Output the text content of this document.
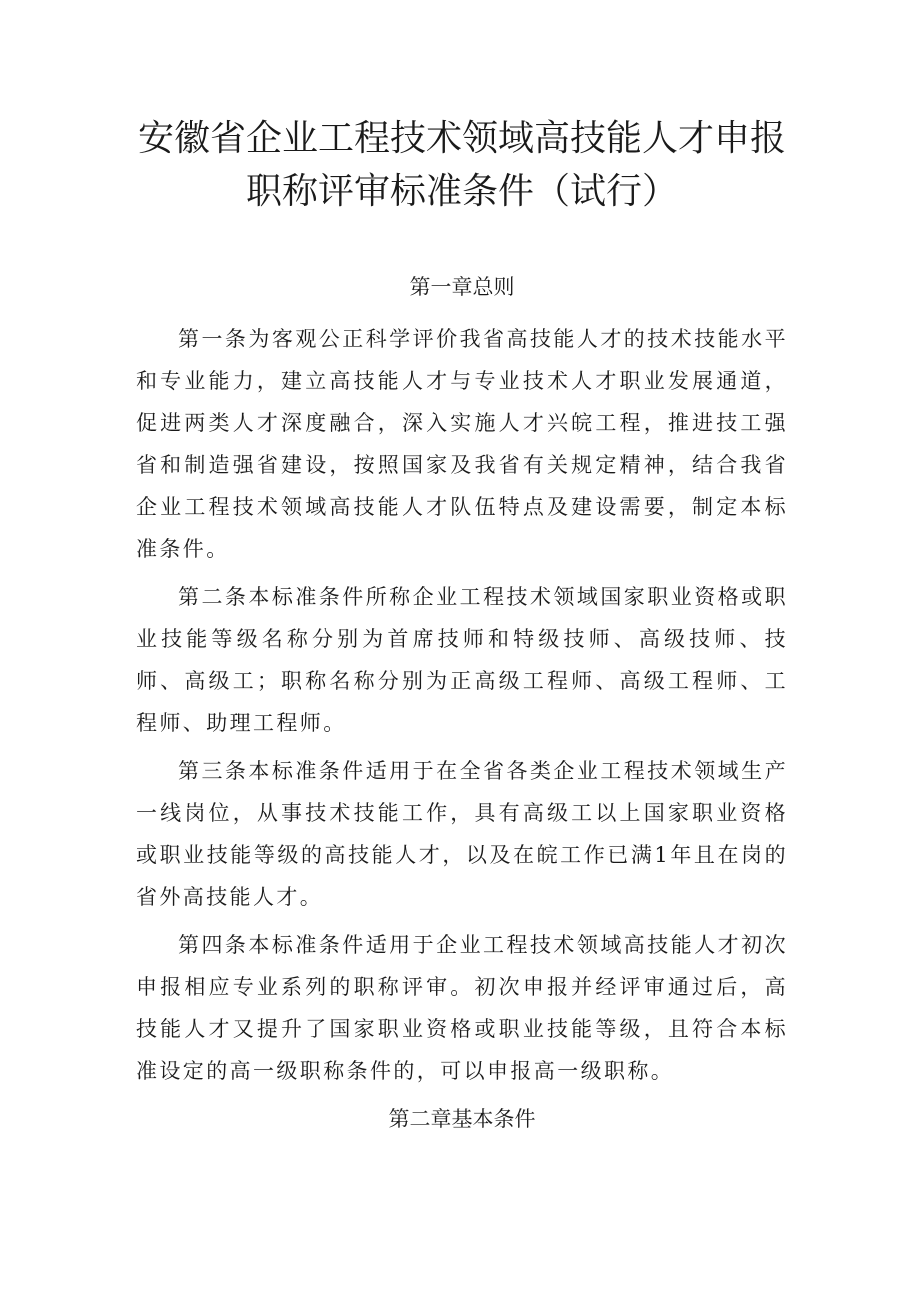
安徽省企业工程技术领域高技能人才申报
职称评审标准条件（试行）

第一章总则

第一条为客观公正科学评价我省高技能人才的技术技能水平和专业能力，建立高技能人才与专业技术人才职业发展通道，促进两类人才深度融合，深入实施人才兴皖工程，推进技工强省和制造强省建设，按照国家及我省有关规定精神，结合我省企业工程技术领域高技能人才队伍特点及建设需要，制定本标准条件。

第二条本标准条件所称企业工程技术领域国家职业资格或职业技能等级名称分别为首席技师和特级技师、高级技师、技师、高级工；职称名称分别为正高级工程师、高级工程师、工程师、助理工程师。

第三条本标准条件适用于在全省各类企业工程技术领域生产一线岗位，从事技术技能工作，具有高级工以上国家职业资格或职业技能等级的高技能人才，以及在皖工作已满1年且在岗的省外高技能人才。

第四条本标准条件适用于企业工程技术领域高技能人才初次申报相应专业系列的职称评审。初次申报并经评审通过后，高技能人才又提升了国家职业资格或职业技能等级，且符合本标准设定的高一级职称条件的，可以申报高一级职称。

第二章基本条件
